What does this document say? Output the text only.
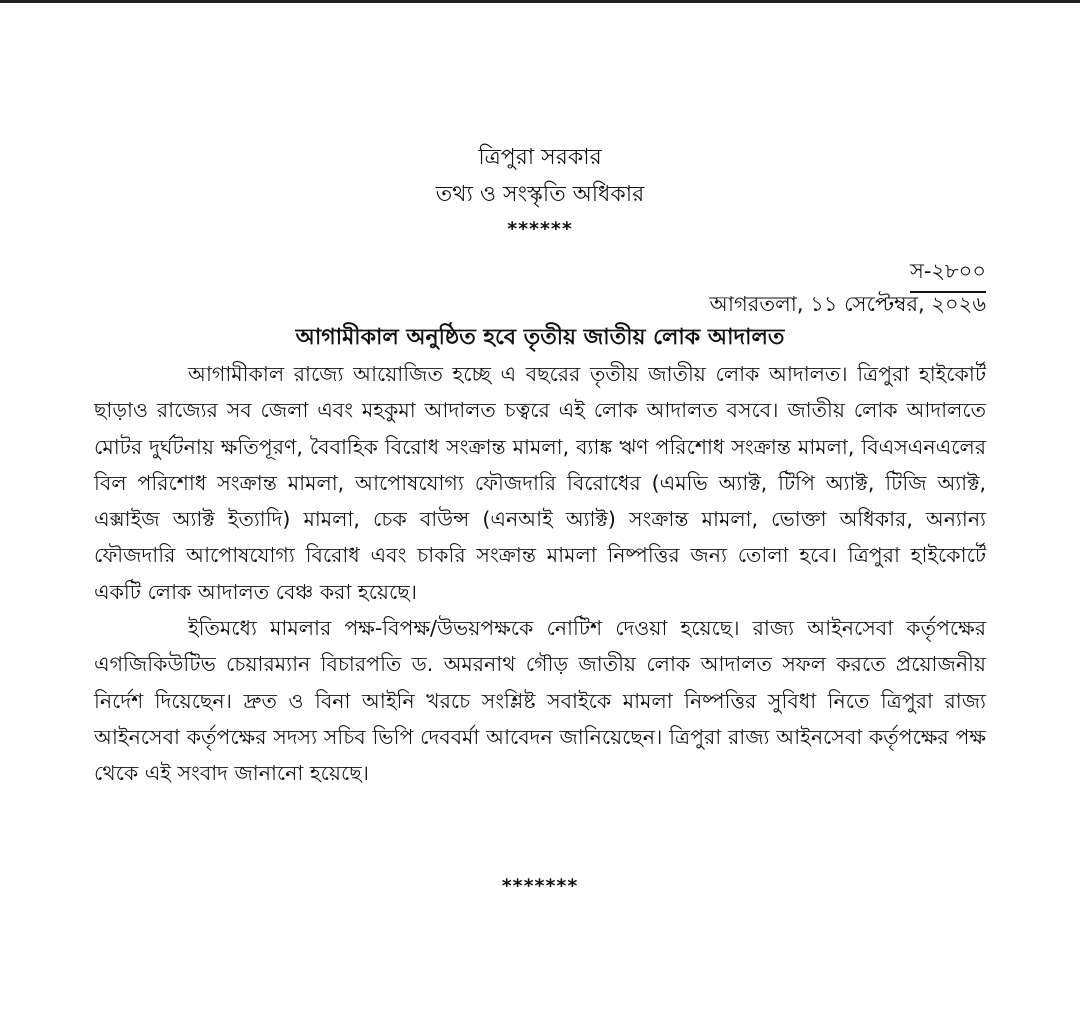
ত্রিপুরা সরকার
তথ্য ও সংস্কৃতি অধিকার
******
স-২৮০০
আগরতলা, ১১ সেপ্টেম্বর, ২০২৬
আগামীকাল অনুষ্ঠিত হবে তৃতীয় জাতীয় লোক আদালত

আগামীকাল রাজ্যে আয়োজিত হচ্ছে এ বছরের তৃতীয় জাতীয় লোক আদালত। ত্রিপুরা হাইকোর্ট ছাড়াও রাজ্যের সব জেলা এবং মহকুমা আদালত চত্বরে এই লোক আদালত বসবে। জাতীয় লোক আদালতে মোটর দুর্ঘটনায় ক্ষতিপূরণ, বৈবাহিক বিরোধ সংক্রান্ত মামলা, ব্যাঙ্ক ঋণ পরিশোধ সংক্রান্ত মামলা, বিএসএনএলের বিল পরিশোধ সংক্রান্ত মামলা, আপোষযোগ্য ফৌজদারি বিরোধের (এমভি অ্যাক্ট, টিপি অ্যাক্ট, টিজি অ্যাক্ট, এক্সাইজ অ্যাক্ট ইত্যাদি) মামলা, চেক বাউন্স (এনআই অ্যাক্ট) সংক্রান্ত মামলা, ভোক্তা অধিকার, অন্যান্য ফৌজদারি আপোষযোগ্য বিরোধ এবং চাকরি সংক্রান্ত মামলা নিষ্পত্তির জন্য তোলা হবে। ত্রিপুরা হাইকোর্টে একটি লোক আদালত বেঞ্চ করা হয়েছে।

ইতিমধ্যে মামলার পক্ষ-বিপক্ষ/উভয়পক্ষকে নোটিশ দেওয়া হয়েছে। রাজ্য আইনসেবা কর্তৃপক্ষের এগজিকিউটিভ চেয়ারম্যান বিচারপতি ড. অমরনাথ গৌড় জাতীয় লোক আদালত সফল করতে প্রয়োজনীয় নির্দেশ দিয়েছেন। দ্রুত ও বিনা আইনি খরচে সংশ্লিষ্ট সবাইকে মামলা নিষ্পত্তির সুবিধা নিতে ত্রিপুরা রাজ্য আইনসেবা কর্তৃপক্ষের সদস্য সচিব ভিপি দেববর্মা আবেদন জানিয়েছেন। ত্রিপুরা রাজ্য আইনসেবা কর্তৃপক্ষের পক্ষ থেকে এই সংবাদ জানানো হয়েছে।

*******
